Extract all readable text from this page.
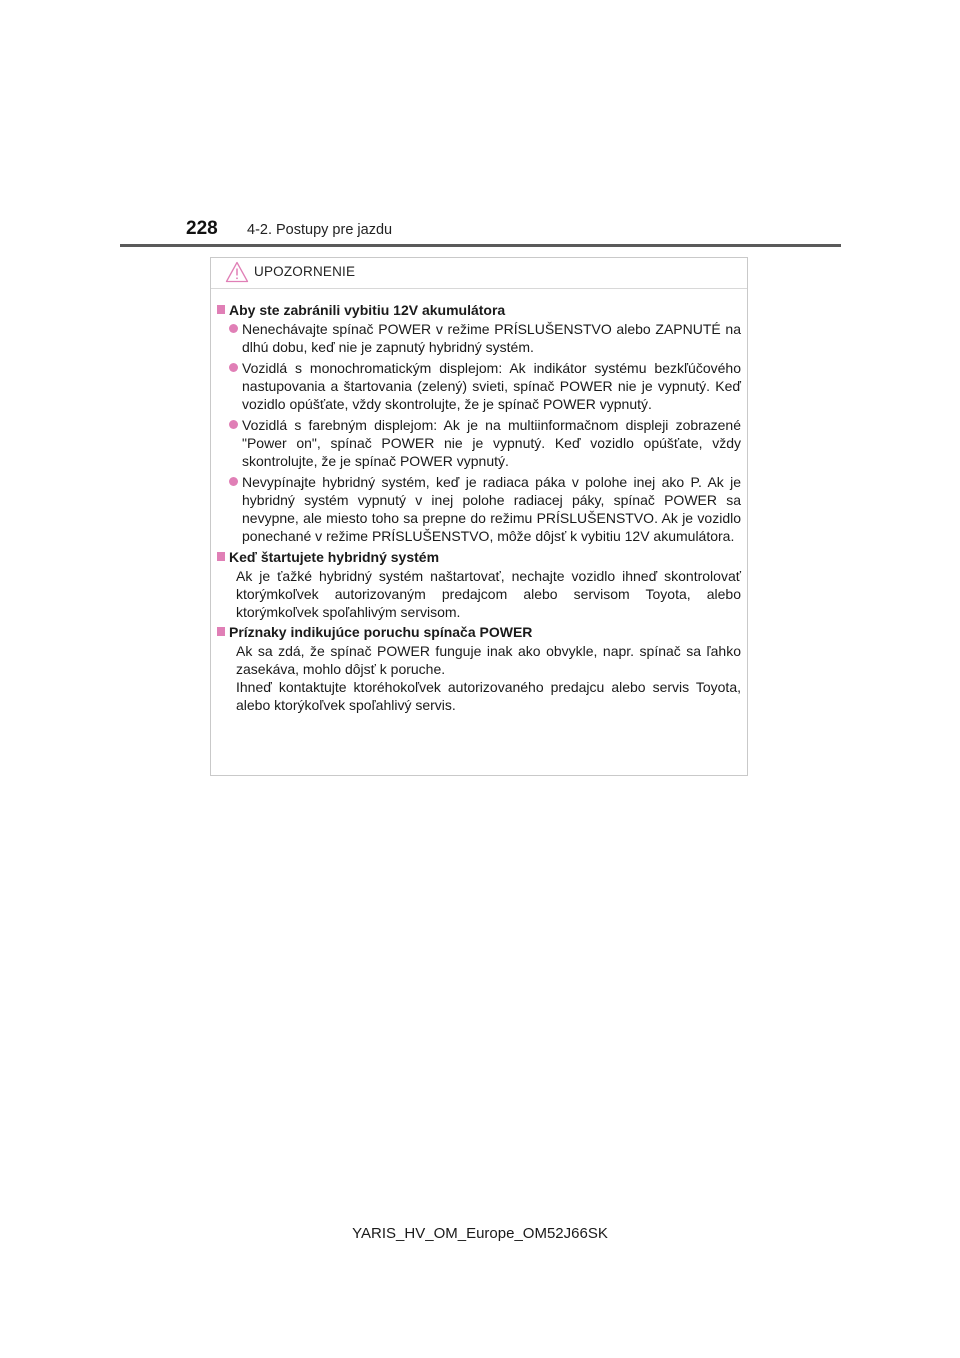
228 4-2. Postupy pre jazdu
UPOZORNENIE
Aby ste zabránili vybitiu 12V akumulátora
Nenechávajte spínač POWER v režime PRÍSLUŠENSTVO alebo ZAPNUTÉ na dlhú dobu, keď nie je zapnutý hybridný systém.
Vozidlá s monochromatickým displejom: Ak indikátor systému bezkľúčového nastupovania a štartovania (zelený) svieti, spínač POWER nie je vypnutý. Keď vozidlo opúšťate, vždy skontrolujte, že je spínač POWER vypnutý.
Vozidlá s farebným displejom: Ak je na multiinformačnom displeji zobrazené "Power on", spínač POWER nie je vypnutý. Keď vozidlo opúšťate, vždy skontrolujte, že je spínač POWER vypnutý.
Nevypínajte hybridný systém, keď je radiaca páka v polohe inej ako P. Ak je hybridný systém vypnutý v inej polohe radiacej páky, spínač POWER sa nevypne, ale miesto toho sa prepne do režimu PRÍSLUŠENSTVO. Ak je vozidlo ponechané v režime PRÍSLUŠENSTVO, môže dôjsť k vybitiu 12V akumulátora.
Keď štartujete hybridný systém

Ak je ťažké hybridný systém naštartovať, nechajte vozidlo ihneď skontrolovať ktorýmkoľvek autorizovaným predajcom alebo servisom Toyota, alebo ktorýmkoľvek spoľahlivým servisom.

Príznaky indikujúce poruchu spínača POWER

Ak sa zdá, že spínač POWER funguje inak ako obvykle, napr. spínač sa ľahko zasekáva, mohlo dôjsť k poruche.

Ihneď kontaktujte ktoréhokoľvek autorizovaného predajcu alebo servis Toyota, alebo ktorýkoľvek spoľahlivý servis.

YARIS_HV_OM_Europe_OM52J66SK
